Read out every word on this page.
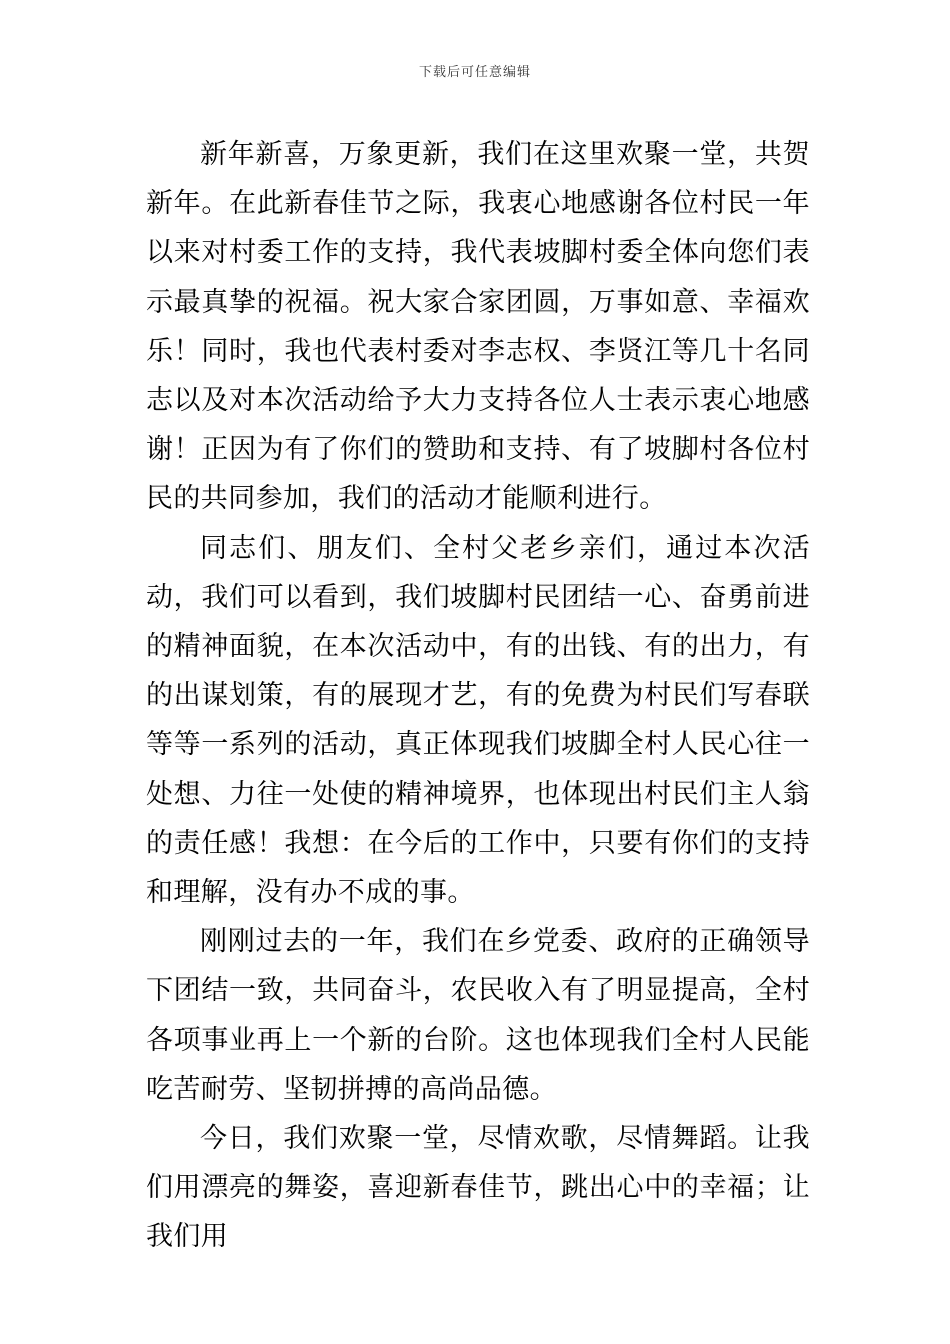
下载后可任意编辑

新年新喜，万象更新，我们在这里欢聚一堂，共贺新年。在此新春佳节之际，我衷心地感谢各位村民一年以来对村委工作的支持，我代表坡脚村委全体向您们表示最真挚的祝福。祝大家合家团圆，万事如意、幸福欢乐！同时，我也代表村委对李志权、李贤江等几十名同志以及对本次活动给予大力支持各位人士表示衷心地感谢！正因为有了你们的赞助和支持、有了坡脚村各位村民的共同参加，我们的活动才能顺利进行。

同志们、朋友们、全村父老乡亲们，通过本次活动，我们可以看到，我们坡脚村民团结一心、奋勇前进的精神面貌，在本次活动中，有的出钱、有的出力，有的出谋划策，有的展现才艺，有的免费为村民们写春联等等一系列的活动，真正体现我们坡脚全村人民心往一处想、力往一处使的精神境界，也体现出村民们主人翁的责任感！我想：在今后的工作中，只要有你们的支持和理解，没有办不成的事。

刚刚过去的一年，我们在乡党委、政府的正确领导下团结一致，共同奋斗，农民收入有了明显提高，全村各项事业再上一个新的台阶。这也体现我们全村人民能吃苦耐劳、坚韧拼搏的高尚品德。

今日，我们欢聚一堂，尽情欢歌，尽情舞蹈。让我们用漂亮的舞姿，喜迎新春佳节，跳出心中的幸福；让我们用
